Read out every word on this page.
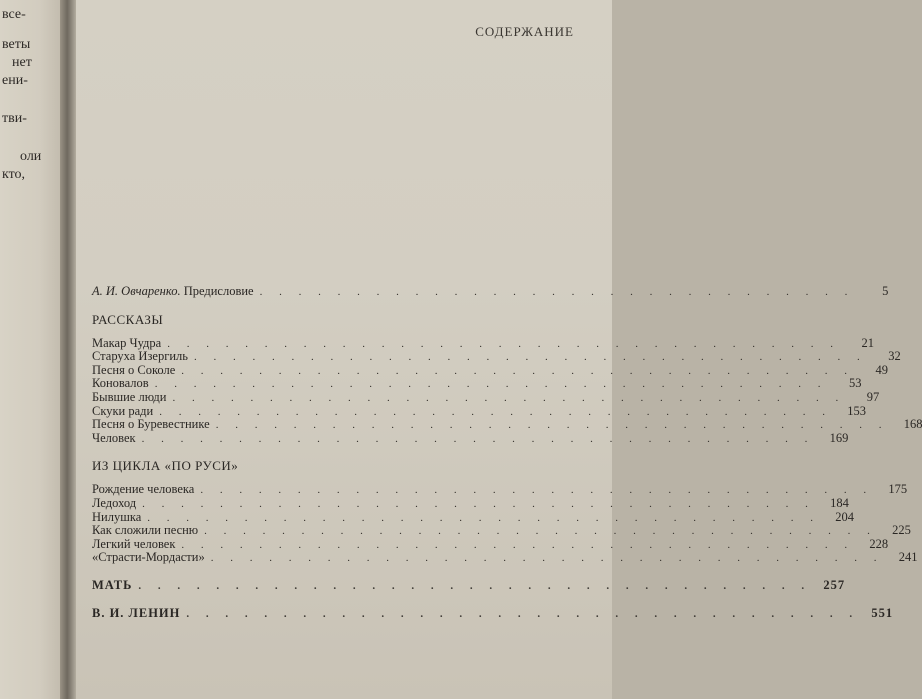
все-
веты
нет
ени-
тви-
оли
кто,
СОДЕРЖАНИЕ
А. И. Овчаренко. Предисловие . . . . . . . . . . . . . . . . . . . . . . . . . . . . . . .	5
РАССКАЗЫ
Макар Чудра . . . . . . . . . . . . . . . . . . . . . . . . . . . . . . . . . . .	21
Старуха Изергиль . . . . . . . . . . . . . . . . . . . . . . . . . . . . . . . . . . .	32
Песня о Соколе . . . . . . . . . . . . . . . . . . . . . . . . . . . . . . . . . . .	49
Коновалов . . . . . . . . . . . . . . . . . . . . . . . . . . . . . . . . . . .	53
Бывшие люди . . . . . . . . . . . . . . . . . . . . . . . . . . . . . . . . . . .	97
Скуки ради . . . . . . . . . . . . . . . . . . . . . . . . . . . . . . . . . . .	153
Песня о Буревестнике . . . . . . . . . . . . . . . . . . . . . . . . . . . . . . . . . . .	168
Человек . . . . . . . . . . . . . . . . . . . . . . . . . . . . . . . . . . .	169
ИЗ ЦИКЛА «ПО РУСИ»
Рождение человека . . . . . . . . . . . . . . . . . . . . . . . . . . . . . . . . . . .	175
Ледоход . . . . . . . . . . . . . . . . . . . . . . . . . . . . . . . . . . .	184
Нилушка . . . . . . . . . . . . . . . . . . . . . . . . . . . . . . . . . . .	204
Как сложили песню . . . . . . . . . . . . . . . . . . . . . . . . . . . . . . . . . . .	225
Легкий человек . . . . . . . . . . . . . . . . . . . . . . . . . . . . . . . . . . .	228
«Страсти-Мордасти» . . . . . . . . . . . . . . . . . . . . . . . . . . . . . . . . . . .	241
МАТЬ . . . . . . . . . . . . . . . . . . . . . . . . . . . . . . . . . . . 257
В. И. ЛЕНИН . . . . . . . . . . . . . . . . . . . . . . . . . . . . . . . . . . . 551
